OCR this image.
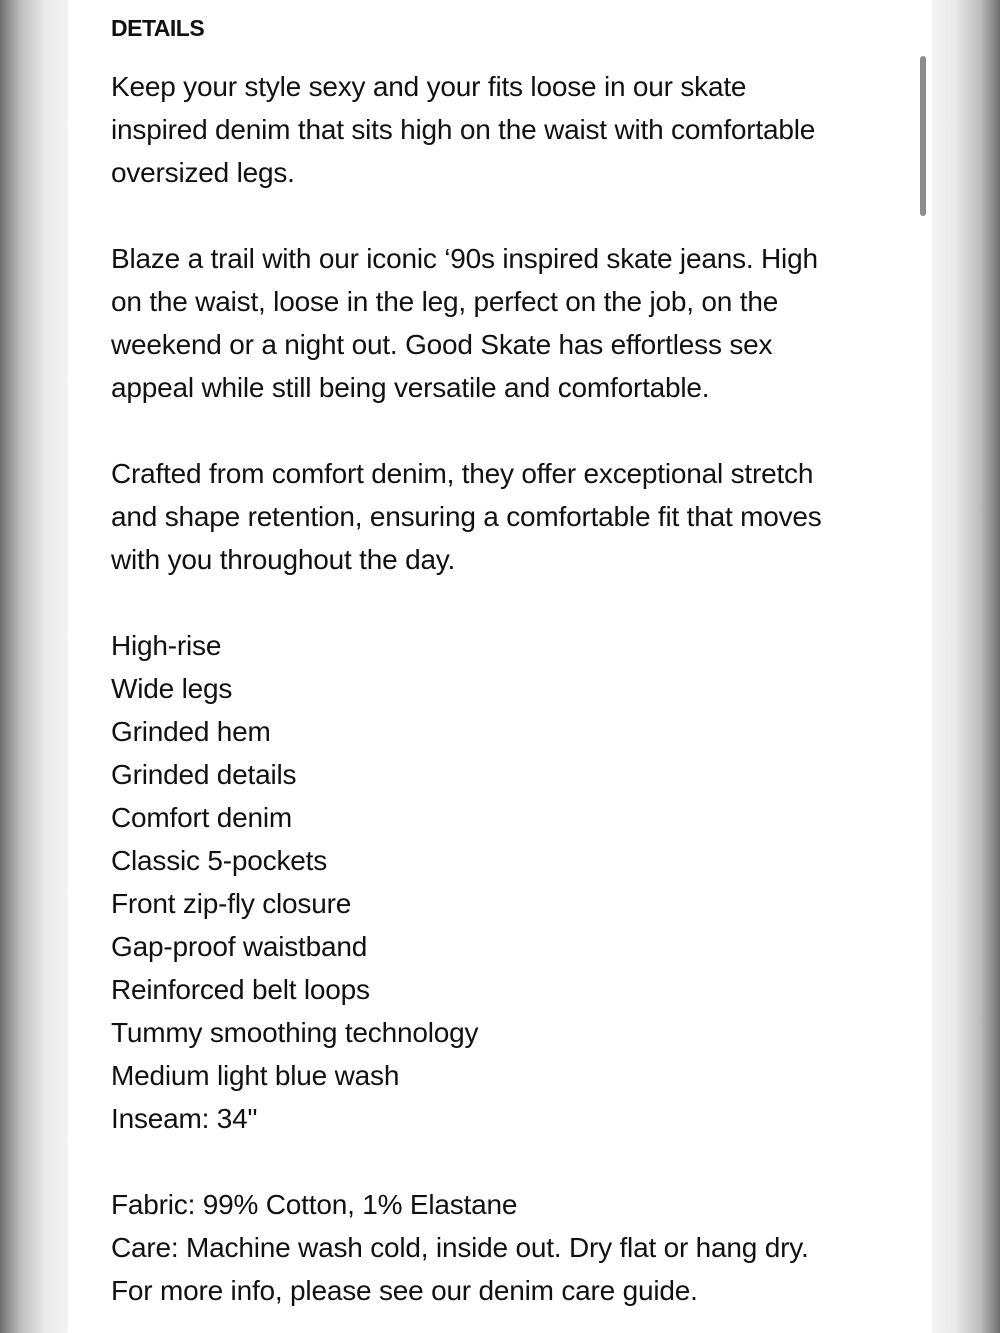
DETAILS
Keep your style sexy and your fits loose in our skate
inspired denim that sits high on the waist with comfortable
oversized legs.
Blaze a trail with our iconic ‘90s inspired skate jeans. High
on the waist, loose in the leg, perfect on the job, on the
weekend or a night out. Good Skate has effortless sex
appeal while still being versatile and comfortable.
Crafted from comfort denim, they offer exceptional stretch
and shape retention, ensuring a comfortable fit that moves
with you throughout the day.
High-rise
Wide legs
Grinded hem
Grinded details
Comfort denim
Classic 5-pockets
Front zip-fly closure
Gap-proof waistband
Reinforced belt loops
Tummy smoothing technology
Medium light blue wash
Inseam: 34"
Fabric: 99% Cotton, 1% Elastane
Care: Machine wash cold, inside out. Dry flat or hang dry.
For more info, please see our denim care guide.
